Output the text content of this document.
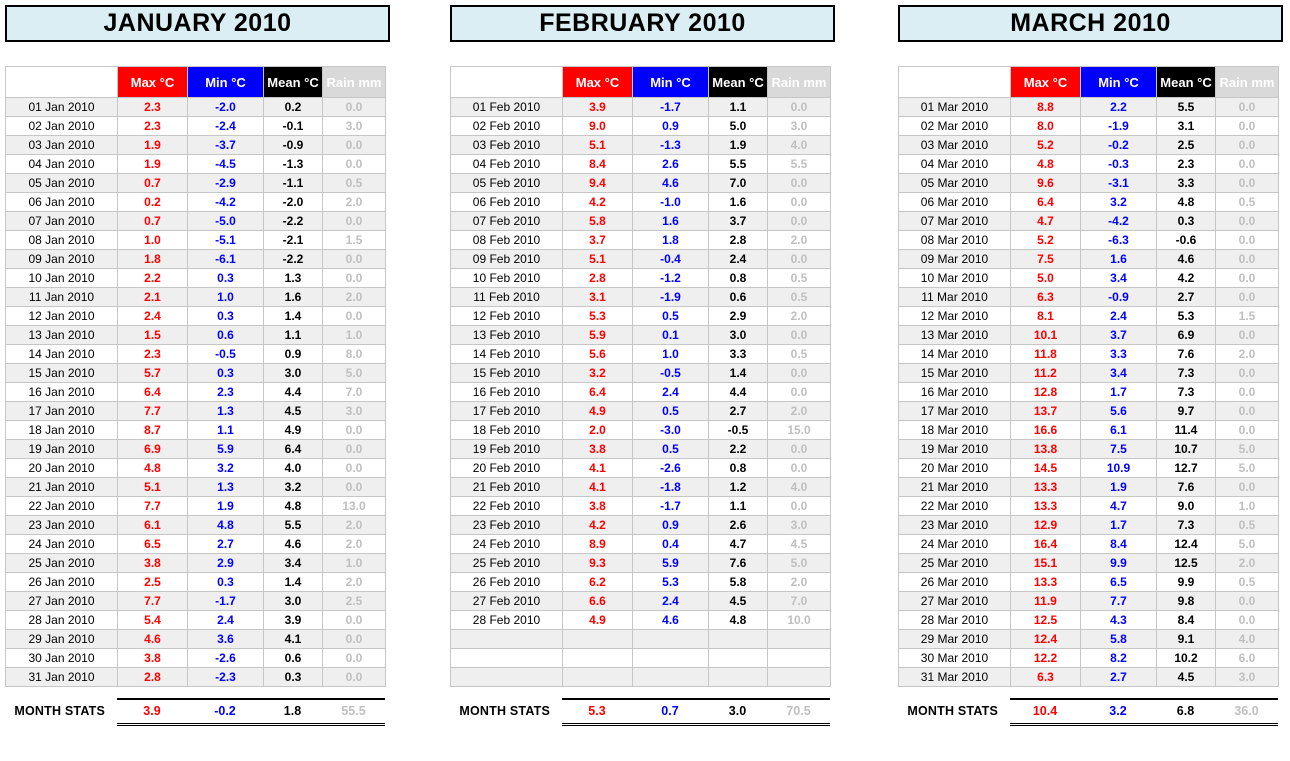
JANUARY 2010
Date	Max °C	Min °C	Mean °C	Rain mm
01 Jan 2010	2.3	-2.0	0.2	0.0
02 Jan 2010	2.3	-2.4	-0.1	3.0
03 Jan 2010	1.9	-3.7	-0.9	0.0
04 Jan 2010	1.9	-4.5	-1.3	0.0
05 Jan 2010	0.7	-2.9	-1.1	0.5
06 Jan 2010	0.2	-4.2	-2.0	2.0
07 Jan 2010	0.7	-5.0	-2.2	0.0
08 Jan 2010	1.0	-5.1	-2.1	1.5
09 Jan 2010	1.8	-6.1	-2.2	0.0
10 Jan 2010	2.2	0.3	1.3	0.0
11 Jan 2010	2.1	1.0	1.6	2.0
12 Jan 2010	2.4	0.3	1.4	0.0
13 Jan 2010	1.5	0.6	1.1	1.0
14 Jan 2010	2.3	-0.5	0.9	8.0
15 Jan 2010	5.7	0.3	3.0	5.0
16 Jan 2010	6.4	2.3	4.4	7.0
17 Jan 2010	7.7	1.3	4.5	3.0
18 Jan 2010	8.7	1.1	4.9	0.0
19 Jan 2010	6.9	5.9	6.4	0.0
20 Jan 2010	4.8	3.2	4.0	0.0
21 Jan 2010	5.1	1.3	3.2	0.0
22 Jan 2010	7.7	1.9	4.8	13.0
23 Jan 2010	6.1	4.8	5.5	2.0
24 Jan 2010	6.5	2.7	4.6	2.0
25 Jan 2010	3.8	2.9	3.4	1.0
26 Jan 2010	2.5	0.3	1.4	2.0
27 Jan 2010	7.7	-1.7	3.0	2.5
28 Jan 2010	5.4	2.4	3.9	0.0
29 Jan 2010	4.6	3.6	4.1	0.0
30 Jan 2010	3.8	-2.6	0.6	0.0
31 Jan 2010	2.8	-2.3	0.3	0.0
MONTH STATS	3.9	-0.2	1.8	55.5
FEBRUARY 2010
Date	Max °C	Min °C	Mean °C	Rain mm
01 Feb 2010	3.9	-1.7	1.1	0.0
02 Feb 2010	9.0	0.9	5.0	3.0
03 Feb 2010	5.1	-1.3	1.9	4.0
04 Feb 2010	8.4	2.6	5.5	5.5
05 Feb 2010	9.4	4.6	7.0	0.0
06 Feb 2010	4.2	-1.0	1.6	0.0
07 Feb 2010	5.8	1.6	3.7	0.0
08 Feb 2010	3.7	1.8	2.8	2.0
09 Feb 2010	5.1	-0.4	2.4	0.0
10 Feb 2010	2.8	-1.2	0.8	0.5
11 Feb 2010	3.1	-1.9	0.6	0.5
12 Feb 2010	5.3	0.5	2.9	2.0
13 Feb 2010	5.9	0.1	3.0	0.0
14 Feb 2010	5.6	1.0	3.3	0.5
15 Feb 2010	3.2	-0.5	1.4	0.0
16 Feb 2010	6.4	2.4	4.4	0.0
17 Feb 2010	4.9	0.5	2.7	2.0
18 Feb 2010	2.0	-3.0	-0.5	15.0
19 Feb 2010	3.8	0.5	2.2	0.0
20 Feb 2010	4.1	-2.6	0.8	0.0
21 Feb 2010	4.1	-1.8	1.2	4.0
22 Feb 2010	3.8	-1.7	1.1	0.0
23 Feb 2010	4.2	0.9	2.6	3.0
24 Feb 2010	8.9	0.4	4.7	4.5
25 Feb 2010	9.3	5.9	7.6	5.0
26 Feb 2010	6.2	5.3	5.8	2.0
27 Feb 2010	6.6	2.4	4.5	7.0
28 Feb 2010	4.9	4.6	4.8	10.0

MONTH STATS	5.3	0.7	3.0	70.5
MARCH 2010
Date	Max °C	Min °C	Mean °C	Rain mm
01 Mar 2010	8.8	2.2	5.5	0.0
02 Mar 2010	8.0	-1.9	3.1	0.0
03 Mar 2010	5.2	-0.2	2.5	0.0
04 Mar 2010	4.8	-0.3	2.3	0.0
05 Mar 2010	9.6	-3.1	3.3	0.0
06 Mar 2010	6.4	3.2	4.8	0.5
07 Mar 2010	4.7	-4.2	0.3	0.0
08 Mar 2010	5.2	-6.3	-0.6	0.0
09 Mar 2010	7.5	1.6	4.6	0.0
10 Mar 2010	5.0	3.4	4.2	0.0
11 Mar 2010	6.3	-0.9	2.7	0.0
12 Mar 2010	8.1	2.4	5.3	1.5
13 Mar 2010	10.1	3.7	6.9	0.0
14 Mar 2010	11.8	3.3	7.6	2.0
15 Mar 2010	11.2	3.4	7.3	0.0
16 Mar 2010	12.8	1.7	7.3	0.0
17 Mar 2010	13.7	5.6	9.7	0.0
18 Mar 2010	16.6	6.1	11.4	0.0
19 Mar 2010	13.8	7.5	10.7	5.0
20 Mar 2010	14.5	10.9	12.7	5.0
21 Mar 2010	13.3	1.9	7.6	0.0
22 Mar 2010	13.3	4.7	9.0	1.0
23 Mar 2010	12.9	1.7	7.3	0.5
24 Mar 2010	16.4	8.4	12.4	5.0
25 Mar 2010	15.1	9.9	12.5	2.0
26 Mar 2010	13.3	6.5	9.9	0.5
27 Mar 2010	11.9	7.7	9.8	0.0
28 Mar 2010	12.5	4.3	8.4	0.0
29 Mar 2010	12.4	5.8	9.1	4.0
30 Mar 2010	12.2	8.2	10.2	6.0
31 Mar 2010	6.3	2.7	4.5	3.0
MONTH STATS	10.4	3.2	6.8	36.0
